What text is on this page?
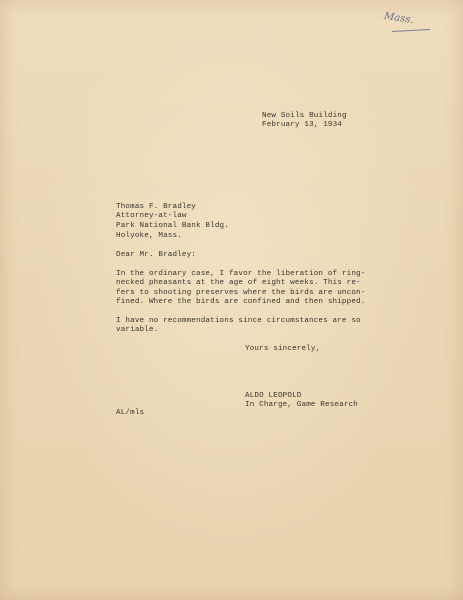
Mass.
New Soils Building
February 13, 1934
Thomas F. Bradley
Attorney-at-law
Park National Bank Bldg.
Holyoke, Mass.
Dear Mr. Bradley:
In the ordinary case, I favor the liberation of ring-
necked pheasants at the age of eight weeks. This re-
fers to shooting preserves where the birds are uncon-
fined. Where the birds are confined and then shipped.
I have no recommendations since circumstances are so
variable.
Yours sincerely,
ALDO LEOPOLD
In Charge, Game Research
AL/mls
